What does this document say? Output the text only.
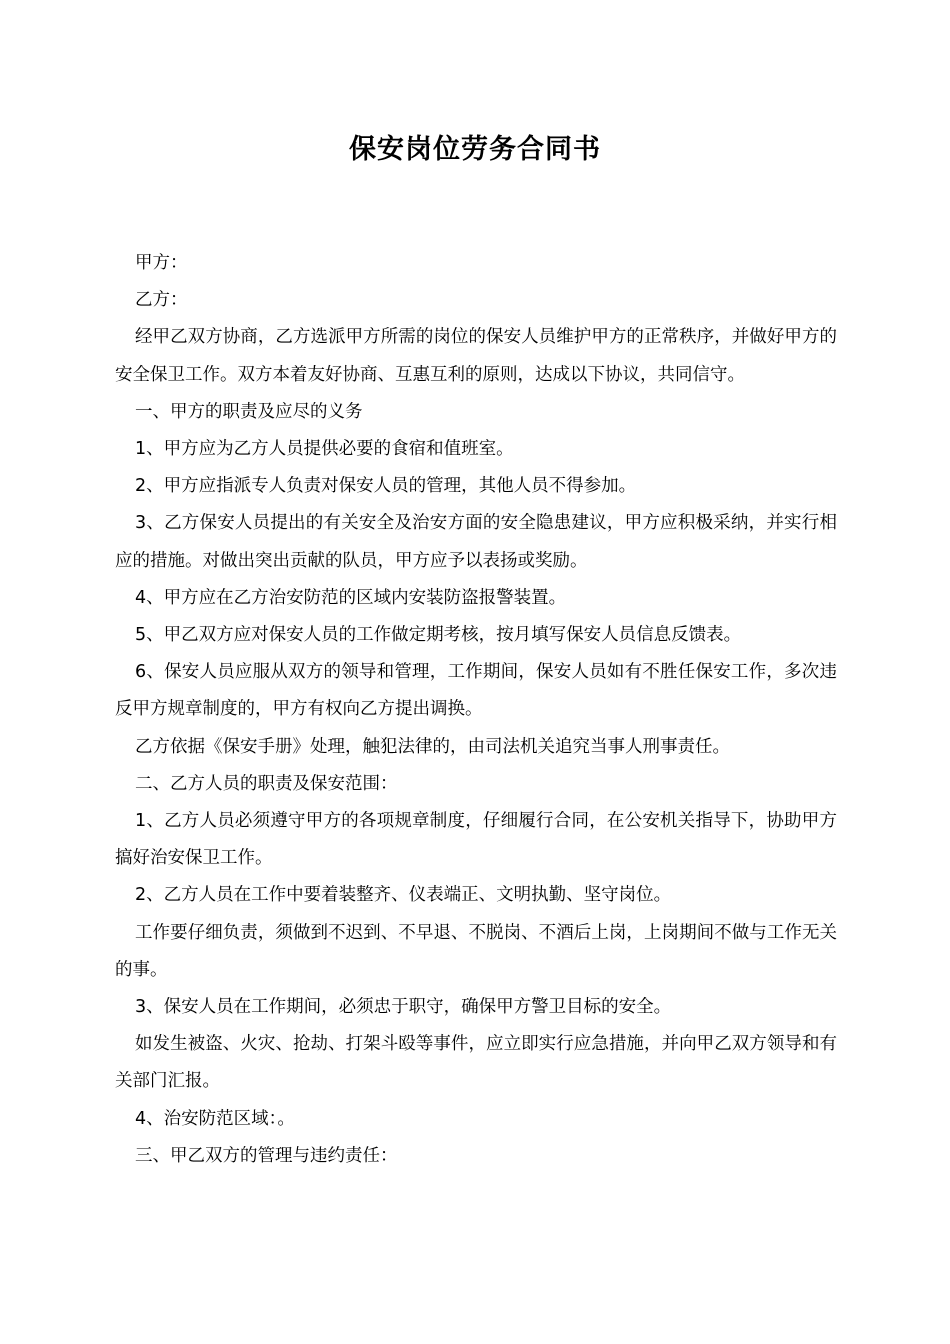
保安岗位劳务合同书

甲方：

乙方：

经甲乙双方协商，乙方选派甲方所需的岗位的保安人员维护甲方的正常秩序，并做好甲方的安全保卫工作。双方本着友好协商、互惠互利的原则，达成以下协议，共同信守。

一、甲方的职责及应尽的义务

1、甲方应为乙方人员提供必要的食宿和值班室。

2、甲方应指派专人负责对保安人员的管理，其他人员不得参加。

3、乙方保安人员提出的有关安全及治安方面的安全隐患建议，甲方应积极采纳，并实行相应的措施。对做出突出贡献的队员，甲方应予以表扬或奖励。

4、甲方应在乙方治安防范的区域内安装防盗报警装置。

5、甲乙双方应对保安人员的工作做定期考核，按月填写保安人员信息反馈表。

6、保安人员应服从双方的领导和管理，工作期间，保安人员如有不胜任保安工作，多次违反甲方规章制度的，甲方有权向乙方提出调换。

乙方依据《保安手册》处理，触犯法律的，由司法机关追究当事人刑事责任。

二、乙方人员的职责及保安范围：

1、乙方人员必须遵守甲方的各项规章制度，仔细履行合同，在公安机关指导下，协助甲方搞好治安保卫工作。

2、乙方人员在工作中要着装整齐、仪表端正、文明执勤、坚守岗位。

工作要仔细负责，须做到不迟到、不早退、不脱岗、不酒后上岗，上岗期间不做与工作无关的事。

3、保安人员在工作期间，必须忠于职守，确保甲方警卫目标的安全。

如发生被盗、火灾、抢劫、打架斗殴等事件，应立即实行应急措施，并向甲乙双方领导和有关部门汇报。

4、治安防范区域：。

三、甲乙双方的管理与违约责任：
